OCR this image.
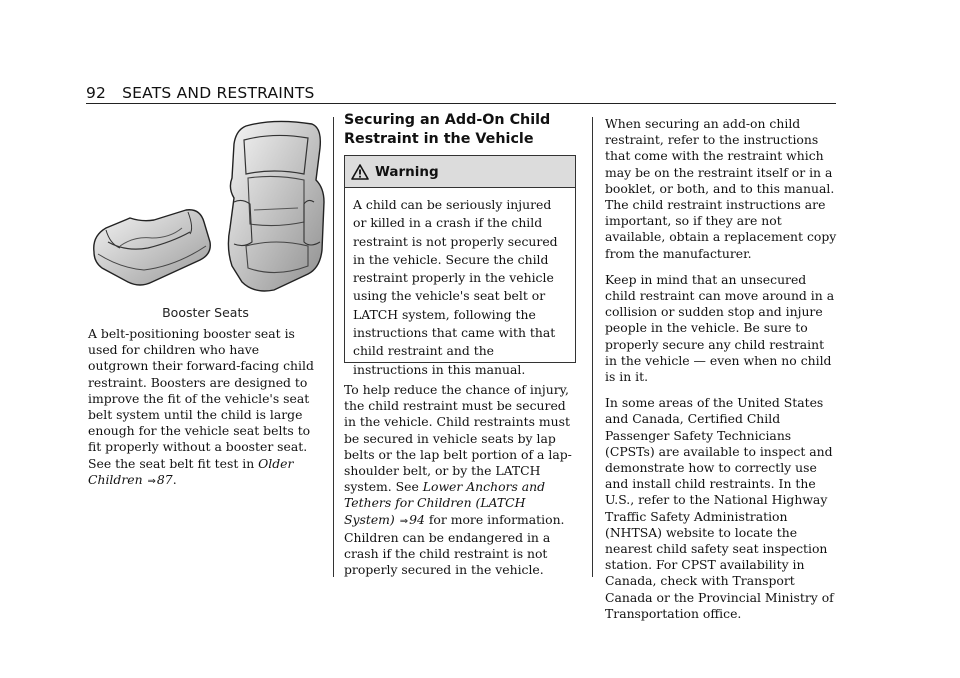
92 SEATS AND RESTRAINTS
Booster Seats

A belt-positioning booster seat is used for children who have outgrown their forward-facing child restraint. Boosters are designed to improve the fit of the vehicle's seat belt system until the child is large enough for the vehicle seat belts to fit properly without a booster seat. See the seat belt fit test in Older Children ⇒87.

Securing an Add-On Child Restraint in the Vehicle
Warning
A child can be seriously injured or killed in a crash if the child restraint is not properly secured in the vehicle. Secure the child restraint properly in the vehicle using the vehicle's seat belt or LATCH system, following the instructions that came with that child restraint and the instructions in this manual.

To help reduce the chance of injury, the child restraint must be secured in the vehicle. Child restraints must be secured in vehicle seats by lap belts or the lap belt portion of a lap-shoulder belt, or by the LATCH system. See Lower Anchors and Tethers for Children (LATCH System) ⇒94 for more information. Children can be endangered in a crash if the child restraint is not properly secured in the vehicle.

When securing an add-on child restraint, refer to the instructions that come with the restraint which may be on the restraint itself or in a booklet, or both, and to this manual. The child restraint instructions are important, so if they are not available, obtain a replacement copy from the manufacturer.

Keep in mind that an unsecured child restraint can move around in a collision or sudden stop and injure people in the vehicle. Be sure to properly secure any child restraint in the vehicle — even when no child is in it.

In some areas of the United States and Canada, Certified Child Passenger Safety Technicians (CPSTs) are available to inspect and demonstrate how to correctly use and install child restraints. In the U.S., refer to the National Highway Traffic Safety Administration (NHTSA) website to locate the nearest child safety seat inspection station. For CPST availability in Canada, check with Transport Canada or the Provincial Ministry of Transportation office.
